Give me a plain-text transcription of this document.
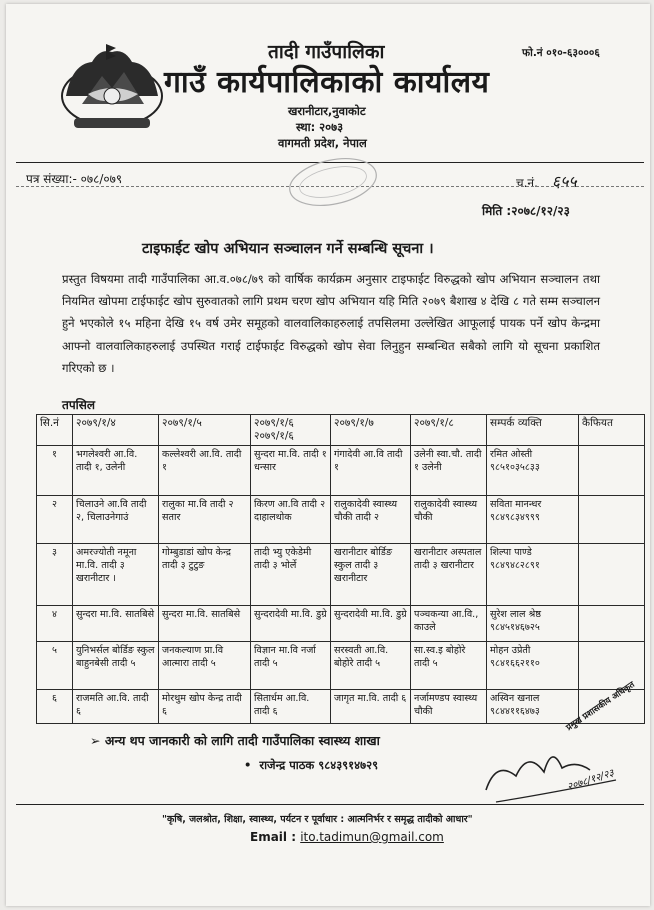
तादी गाउँपालिका
गाउँ कार्यपालिकाको कार्यालय
खरानीटार,नुवाकोट
स्था: २०७३
वागमती प्रदेश, नेपाल
फो.नं ०१०-६३०००६
पत्र संख्या:- ०७८/०७९	च.नं. ६५५
मिति :२०७८/१२/२३
टाइफाईट खोप अभियान सञ्चालन गर्ने सम्बन्धि सूचना ।
प्रस्तुत विषयमा तादी गाउँपालिका आ.व.०७८/७९ को वार्षिक कार्यक्रम अनुसार टाइफाईट विरुद्धको खोप अभियान सञ्चालन तथा नियमित खोपमा टाईफाईट खोप सुरुवातको लागि प्रथम चरण खोप अभियान यहि मिति २०७९ बैशाख ४ देखि ८ गते सम्म सञ्चालन हुने भएकोले १५ महिना देखि १५ वर्ष उमेर समूहको वालवालिकाहरुलाई तपसिलमा उल्लेखित आफूलाई पायक पर्ने खोप केन्द्रमा आफ्नो वालवालिकाहरुलाई उपस्थित गराई टाईफाईट विरुद्धको खोप सेवा लिनुहुन सम्बन्धित सबैको लागि यो सूचना प्रकाशित गरिएको छ ।
तपसिल
सि.नं	२०७९/१/४	२०७९/१/५	२०७९/१/६ २०७९/१/६	२०७९/१/७	२०७९/१/८	सम्पर्क व्यक्ति	कैफियत
१	भगलेश्वरी आ.वि. तादी १, उलेनी	कल्लेश्वरी आ.वि. तादी १	सुन्दरा मा.वि. तादी १ धन्सार	गंगादेवी आ.वि तादी १	उलेनी स्वा.चौ. तादी १ उलेनी	रमित ओस्ती ९८५१०३५८३३	
२	चिलाउने आ.वि तादी २, चिलाउनेगाउं	रालुका मा.वि तादी २ सतार	किरण आ.वि तादी २ दाहालथोक	रालुकादेवी स्वास्थ्य चौकी तादी २	रालुकादेवी स्वास्थ्य चौकी	सविता मानन्धर ९८४९८३४९९९	
३	अमरज्योती नमूना मा.वि. तादी ३ खरानीटार ।	गोम्बुडाडां खोप केन्द्र तादी ३ टुटुङ	तादी भ्यु एकेडेमी तादी ३ भोर्ले	खरानीटार बोर्डिङ स्कुल तादी ३ खरानीटार	खरानीटार अस्पताल तादी ३ खरानीटार	शिल्पा पाण्डे ९८४९४८२८९१	
४	सुन्दरा मा.वि. सातबिसे	सुन्दरा मा.वि. सातबिसे	सुन्दरादेवी मा.वि. डुग्रे	सुन्दरादेवी मा.वि. डुग्रे	पञ्चकन्या आ.वि., काउले	सुरेश लाल श्रेष्ठ ९८४५१४६७२५	
५	युनिभर्सल बोर्डिङ स्कुल बाहुनबेसी तादी ५	जनकल्याण प्रा.वि आत्मारा तादी ५	विज्ञान मा.वि नर्जा तादी ५	सरस्वती आ.वि. बोहोरे तादी ५	सा.स्व.इ बोहोरे तादी ५	मोहन उप्रेती ९८४१६६२११०	
६	राजमति आ.वि. तादी ६	मोरथुम खोप केन्द्र तादी ६	सितार्धम आ.वि. तादी ६	जागृत मा.वि. तादी ६	नर्जामण्डप स्वास्थ्य चौकी	अस्विन खनाल ९८४४११६४७३	
➢ अन्य थप जानकारी को लागि तादी गाउँपालिका स्वास्थ्य शाखा
•  राजेन्द्र पाठक ९८४३९१४७२९
प्रमुख प्रशासकीय अधिकृत
२०७८/१२/२३
"कृषि, जलश्रोत, शिक्षा, स्वास्थ्य, पर्यटन र पूर्वाधार : आत्मनिर्भर र समृद्ध तादीको आधार"
Email : ito.tadimun@gmail.com
